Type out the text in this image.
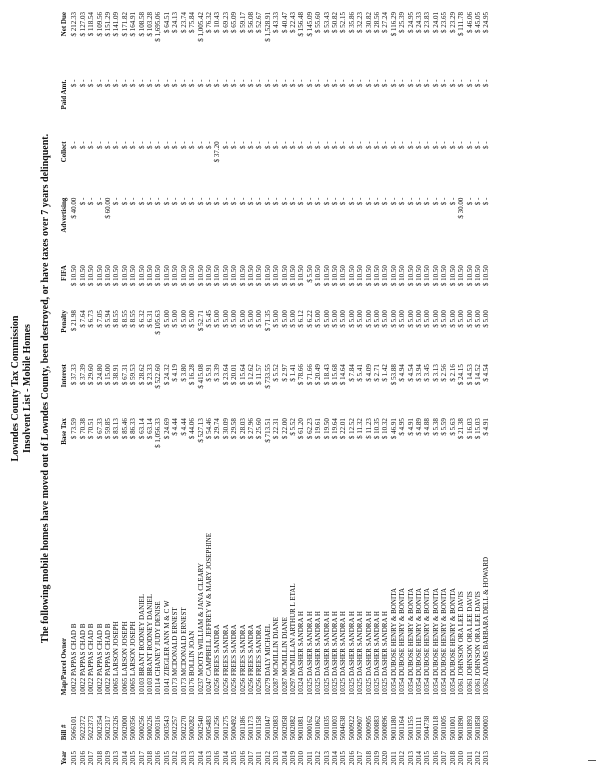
Lowndes County Tax Commission Insolvent List - Mobile Homes The following mobile homes have moved out of Lowndes County, been destroyed, or have taxes over 7 years delinquent.
Year	Bill #	Map/Parcel Owner	Base Tax	Interest	Penalty	FIFA	Advertising	Collect	Paid Amt.	Net Due
2015	5066101	10022 PAPPAS CHAD B	$ 73.59	$ 37.33	$ 21.98	$ 10.50	$ 40.00	$ -	$ -	$ 212.33
2016	5022372	10022 PAPPAS CHAD B	$ 70.38	$ 37.39	$ 7.64	$ 10.50	$ -	$ -	$ -	$ 127.03
2017	5022373	10022 PAPPAS CHAD B	$ 70.51	$ 29.60	$ 6.73	$ 10.50	$ -	$ -	$ -	$ 118.54
2018	5002354	10022 PAPPAS CHAD B	$ 67.33	$ 24.80	$ 7.05	$ 10.50	$ -	$ -	$ -	$ 109.56
2019	5002317	10022 PAPPAS CHAD B	$ 59.85	$ 15.00	$ 5.94	$ 10.50	$ 60.00	$ -	$ -	$ 151.29
2013	5002326	10065 LARSON JOSEPH	$ 83.13	$ 38.91	$ 8.55	$ 10.50	$ -	$ -	$ -	$ 141.09
2014	5002000	10065 LARSON JOSEPH	$ 85.46	$ 67.31	$ 8.55	$ 10.50	$ -	$ -	$ -	$ 171.82
2015	5000356	10065 LARSON JOSEPH	$ 86.33	$ 59.53	$ 8.55	$ 10.50	$ -	$ -	$ -	$ 164.91
2017	5000256	10103 BRANT RODNEY DANIEL	$ 63.14	$ 28.62	$ 6.32	$ 10.50	$ -	$ -	$ -	$ 108.58
2018	5000226	10103 BRANT RODNEY DANIEL	$ 63.14	$ 23.33	$ 6.31	$ 10.50	$ -	$ -	$ -	$ 103.28
2016	5000316	10114 CHANEY JUDY DENISE	$ 1,056.33	$ 522.60	$ 105.63	$ 10.50	$ -	$ -	$ -	$ 1,695.06
2015	5003543	10141 ZIEGLER ANN M & C W	$ 24.69	$ 24.32	$ 5.00	$ 10.50	$ -	$ -	$ -	$ 64.51
2012	5002257	10173 MCDONALD ERNEST	$ 4.44	$ 4.19	$ 5.00	$ 10.50	$ -	$ -	$ -	$ 24.13
2013	5002270	10173 MCDONALD ERNEST	$ 4.44	$ 3.80	$ 5.00	$ 10.50	$ -	$ -	$ -	$ 23.74
2013	5000282	10176 BOLLIN JOAN	$ 44.06	$ 16.28	$ 5.00	$ 10.50	$ -	$ -	$ -	$ 75.84
2014	5002540	10237 MOOTS WILLIAM & JANA CLEARY	$ 527.13	$ 415.08	$ 52.71	$ 10.50	$ -	$ -	$ -	$ 1,005.42
2013	5005483	10247 CAMPBELL JEFFREY W & MARY JOSEPHINE	$ 54.46	$ 5.91	$ 5.45	$ 10.50	$ -	$ -	$ -	$ 76.32
2016	5001256	10256 FREES SANDRA	$ 29.74	$ 3.39	$ 5.00	$ 10.50	$ -	$ 37.20	$ -	$ 10.43
2014	5001275	10256 FREES SANDRA	$ 30.09	$ 23.64	$ 5.00	$ 10.50	$ -	$ -	$ -	$ 69.23
2015	5000492	10256 FREES SANDRA	$ 29.58	$ 20.01	$ 5.00	$ 10.50	$ -	$ -	$ -	$ 65.09
2016	5001186	10256 FREES SANDRA	$ 28.03	$ 15.64	$ 5.00	$ 10.50	$ -	$ -	$ -	$ 59.17
2017	5001173	10256 FREES SANDRA	$ 27.96	$ 12.62	$ 5.00	$ 10.50	$ -	$ -	$ -	$ 56.08
2011	5001158	10256 FREES SANDRA	$ 25.60	$ 11.57	$ 5.00	$ 10.50	$ -	$ -	$ -	$ 52.67
2012	5001047	10279 DALY MICHAEL	$ 713.51	$ 733.55	$ 71.35	$ 10.50	$ -	$ -	$ -	$ 1,528.91
2013	5002083	10287 MCMILLIN DIANE	$ 22.31	$ 5.52	$ 5.00	$ 10.50	$ -	$ -	$ -	$ 43.33
2014	5002058	10287 MCMILLIN DIANE	$ 22.00	$ 2.97	$ 5.00	$ 10.50	$ -	$ -	$ -	$ 40.47
2019	5002082	10297 MCMILLAN ARTHUR L ETAL	$ 5.52	$ 1.41	$ 5.00	$ 10.50	$ -	$ -	$ -	$ 22.43
2010	9001081	10324 DASHER SANDRA H	$ 61.20	$ 78.66	$ 6.12	$ 10.50	$ -	$ -	$ -	$ 156.48
2011	5000162	10325 DASHER SANDRA H	$ 62.23	$ 71.66	$ 6.22	$ 5.50	$ -	$ -	$ -	$ 145.09
2012	5001062	10325 DASHER SANDRA H	$ 19.61	$ 20.49	$ 5.00	$ 10.50	$ -	$ -	$ -	$ 55.60
2013	5001035	10325 DASHER SANDRA H	$ 19.50	$ 18.43	$ 5.00	$ 10.50	$ -	$ -	$ -	$ 53.43
2014	5001003	10325 DASHER SANDRA H	$ 19.64	$ 15.68	$ 5.00	$ 10.50	$ -	$ -	$ -	$ 50.82
2015	5004638	10325 DASHER SANDRA H	$ 22.01	$ 14.64	$ 5.00	$ 10.50	$ -	$ -	$ -	$ 52.15
2016	5000922	10325 DASHER SANDRA H	$ 12.52	$ 7.84	$ 5.00	$ 10.50	$ -	$ -	$ -	$ 35.86
2017	5000907	10325 DASHER SANDRA H	$ 11.32	$ 5.41	$ 5.00	$ 10.50	$ -	$ -	$ -	$ 32.23
2018	5000905	10325 DASHER SANDRA H	$ 11.23	$ 4.09	$ 5.00	$ 10.50	$ -	$ -	$ -	$ 30.82
2019	5000883	10325 DASHER SANDRA H	$ 10.35	$ 2.71	$ 5.00	$ 10.50	$ -	$ -	$ -	$ 28.56
2020	5000896	10325 DASHER SANDRA H	$ 10.32	$ 1.42	$ 5.00	$ 10.50	$ -	$ -	$ -	$ 27.24
2011	9001180	10354 DUBOSE HENRY & BONITA	$ 46.91	$ 53.88	$ 5.00	$ 10.50	$ -	$ -	$ -	$ 116.29
2012	5001164	10354 DUBOSE HENRY & BONITA	$ 4.95	$ 4.94	$ 5.00	$ 10.50	$ -	$ -	$ -	$ 25.39
2013	5001155	10354 DUBOSE HENRY & BONITA	$ 4.91	$ 4.54	$ 5.00	$ 10.50	$ -	$ -	$ -	$ 24.95
2014	5001111	10354 DUBOSE HENRY & BONITA	$ 4.89	$ 3.94	$ 5.00	$ 10.50	$ -	$ -	$ -	$ 24.33
2015	5004738	10354 DUBOSE HENRY & BONITA	$ 4.88	$ 3.45	$ 5.00	$ 10.50	$ -	$ -	$ -	$ 23.83
2016	5000118	10354 DUBOSE HENRY & BONITA	$ 5.38	$ 3.13	$ 5.00	$ 10.50	$ -	$ -	$ -	$ 24.01
2017	5001005	10354 DUBOSE HENRY & BONITA	$ 5.59	$ 2.56	$ 5.00	$ 10.50	$ -	$ -	$ -	$ 23.65
2018	5001001	10354 DUBOSE HENRY & BONITA	$ 5.63	$ 2.16	$ 5.00	$ 10.50	$ -	$ -	$ -	$ 23.29
2010	9001890	10361 JOHNSON ORA LEE DAVIS	$ 21.38	$ 24.15	$ 5.00	$ 10.50	$ 30.00	$ -	$ -	$ 111.78
2011	5001893	10361 JOHNSON ORA LEE DAVIS	$ 16.03	$ 14.53	$ 5.00	$ 10.50	$ -	$ -	$ -	$ 46.06
2012	5001858	10361 JOHNSON ORA LEE DAVIS	$ 15.03	$ 14.52	$ 5.00	$ 10.50	$ -	$ -	$ -	$ 45.05
2013	5000003	10362 ADAMS BARBARA DELL & HOWARD	$ 4.91	$ 4.54	$ 5.00	$ 10.50	$ -	$ -	$ -	$ 24.95
